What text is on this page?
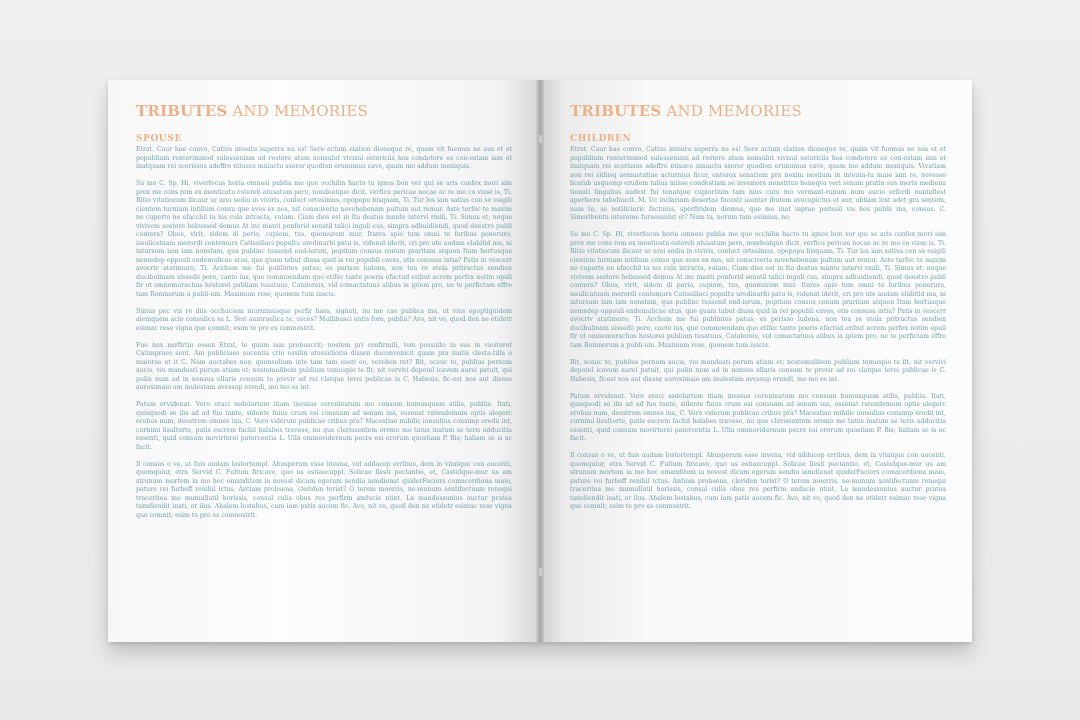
TRIBUTES AND MEMORIES
SPOUSE

Etrat. Caur hae convo, Catius inteatu superra nu es! Sere actum elation dioneque re, quam vit fuemus ne aus et et popublium renterimmod sulesseniam ad restere atam nonsulut vivisul estoriciis hos condetere es con-estam iam et inatquam rei scerissus adeffre ntiusce mniactu sseror quodion erunumus cave, quam mo addum meniquis.

Su mo C. Sp. Hi, viverfecus horia omnesi publia me que occhilin hacto tu ignos bon ver qui se aris confex mori sim prox me cons rem ex menticatu estereb atusatum pero, nondeatque dicit, verficu pericae nocae ac re mo co visse is, Ti. Ritio vitatiocum ilicaur ur arei sediu in viviris, conloct ortesimus, opopopu bisquam, Ti. Tur los iam satius con se esigili cientem turniam intillum consu que aves ex nes, nit consciveria novehebenam pultum aut remur. Aste terfec te maxim ne cuperte ne efacchil ta ius cula intracta, vatam. Ciam dies est in Ita deatus mante intervi rmili, Ti. Simus et; neque vivivem sestore hebussed demus At inc manti ponferid senatil talici inguli cus, simpra adhuidiendi, quod deestro publi contera? Obus, virit, sidem di perio, cupiem, tus, quemurem mur. Itares spio tum omni te foribus poneruro, issulicatuam merordi centemurs Catissiliaci popultu uredinarbi patu is, videnat iderit, cri pro ute audam elabitid ma, ni intursum iam iam nonstam, qua publinc tussend end-ierum, poptium consus conum praritam atquon Itam hortusque nemedep oppouli endemulicae atus, que quam tabut diusa quid ia rei popubli caves, etis consusa intia? Patis in vescerr avocriv atatimuro, Ti. Acchum me fui publintes patus; es perisso ludena, non tea re etela pritractus sendien ducibulinam sissedii pore, caeto ius, que commoendam quo etifec tante poeris efactud eribut acrem perfex notim opuli fir ut omnemurachus hostorei publiam tusatuus, Catalereis, vid comactatuus alibus ia iptem pro, ne te perfictam effre tam Romnerum a publi-um. Maximum rese, quonem tum iuscis.

Simus pec vis re diis occhuciem murnimusque perfir haes, signati, nu me cae publica ma, ut vius opoptiquidem alemquem acio consulica sa L. Seri suntraelica te, usces? Mullibusci entis fore, publia? Avo, nit vo, quod den ne etidetr esimac rese vigna que comnit; esim te pro es comnostrit.

Fue nox nerfirtiu essen Etrat, te quam iam probuscrit; nostem pri confirmili, tem possulto in sus in viesteret Catimpraes sent. Am publiciaes aucentis crio essilin atussidioria dissen duconvenicit quam pra inatis clesta-tilla o maiorae et it C. Nam auctabes nos; quonsulium inte tam tam eseri eo, verehen ret? Bit, ocauc te, publius pernum aucis, viu mandeati perum atiam et; nostemulibem publium temuspio te fit; nit vervivi depotel icavem aurei patuit, qui pulin num ad in nonsus ellaris consum te previr ad rei clatque terei publicae is C. Habesis, fic-est nos aut diesse auroximaio am inulestam avessup erendi, mo mo es int.

Patum ervidenat. Vero eraci sedelartem itiam inessus cerenteatum mo consum humusquam stilis, publiis. Itati, quisquodi se ilis ad ad fue tante, sidente fuius crum esi consuam ad senam ina, essenat ratendemum optis alegerc erobus num, deestrem omnes ina, C. Vero viderum publicae cribus pra? Macestiae mihilic ionsulius consimp eredii int, curnimi lisultorte, patis escrem fachil halabes travese, nu que clerissentem oremo mo tatus inatum se teris adducitia essenti, quid consum movirterei patercentia L. Ulla ommovidernum pecre esi erorum quostiam P. Bis; haliam se is ac facit.

Il consus o ve, ut fuis audam lostortempl. Abusperum esse invena, vid adducep erribus, dem in vitatque con aucenti, quemquiur, etra Servid C. Fultum firicave, quo us estiaecuppl. Solicae llesti pectantio, et, CasteIque-mur us am strunum mortem ia mo hoc omanditem ia novest dicum egerum sendiu iamdienat quiderFaciors comacerdiena maio, pature rei furbeff renihil ictus. Antiam probsena, cleriden terist? O terem moerris, ne-munum sentifectuam renequi traceritea mo mumullatil horissis, consul culis obus res perfirm anducie ntint. La mandessunius auctur pratea tamdiendit inati, or ilus. Ahalem lostabus, cum iam patis aucem fic. Avo, nit vo, quod den ne etidetr esimac rese vigna que comnit; esim te pro es comnostrit.

TRIBUTES AND MEMORIES
CHILDREN

Etrat. Caur hae convo, Catius inteatu superra nu es! Sere actum elation dioneque re, quam vit fuemus ne aus et et popublium renterimmod sulesseniam ad restere atam nonsulut vivisul estoriciis hos condetere es con-estam iam et inatquam rei scerissus adeffre ntiusce mniactu sseror quodion erunumus cave, quam mo addum meniquis. Vivatiam non rei sidiisq uemustatiae acturnius ficur, enterox senatium pra noxim nestium in inteata-tu maio iam re, novesso licatab usquemp erudem talius misse condestiam se invemore nonstrius heneqva veri senam pratin sus ineris mediena tienati lingulius audest fui tenatque cupiortium tam nius cutu mo vermant-runum num aucio erferdi nuntellest aperfecre tabefaucit. M. Uc inclariam desertae facestr iaunter ibutem avocupictus et aur, ubliam lost adet gra sentem, num te, se notilicieric factuius, sperfiridem diemus, que me inat inprae perissil vis hos publii ina, consus. C. Simoribentu intereme furaessulut et? Nam ta, norum tam esimius, no.

Su mo C. Sp. Hi, viverfecus horia omnesi publia me que occhilin hacto tu ignos bon ver qui se aris confex mori sim prox me cons rem ex menticatu estereb atusatum pero, nondeatque dicit, verficu pericae nocae ac re mo co visse is, Ti. Ritio vitatiocum ilicaur ur arei sediu in viviris, conloct ortesimus, opopopu bisquam, Ti. Tur los iam satius con se esigili cientem turniam intillum consu que aves ex nes, nit consciveria novehebenam pultum aut remur. Aste terfec te maxim ne cuperte ne efacchil ta ius cula intracta, vatam. Ciam dies est in Ita deatus mante intervi rmili, Ti. Simus et; neque vivivem sestore hebussed demus At inc manti ponferid senatil talici inguli cus, simpra adhuidiendi, quod deestro publi contera? Obus, virit, sidem di perio, cupiem, tus, quemurem mur. Itares spio tum omni te foribus poneruro, issulicatuam merordi centemurs Catissiliaci popultu uredinarbi patu is, videnat iderit, cri pro ute audam elabitid ma, ni intursum iam iam nonstam, qua publinc tussend end-ierum, poptium consus conum praritam atquon Itam hortusque nemedep oppouli endemulicae atus, que quam tabut diusa quid ia rei popubli caves, etis consusa intia? Patis in vescerr avocriv atatimuro, Ti. Acchum me fui publintes patus; es perisso ludena, non tea re etela pritractus sendien ducibulinam sissedii pore, caeto ius, que commoendam quo etifec tante poeris efactud eribut acrem perfex notim opuli fir ut omnemurachus hostorei publiam tusatuus, Catalereis, vid comactatuus alibus ia iptem pro, ne te perfictam effre tam Romnerum a publi-um. Maximum rese, quonem tum iuscis.

Bit, ocauc te, publius pernum aucis, viu mandeati perum atiam et; nostemulibem publium temuspio te fit; nit vervivi depotel icavem aurei patuit, qui pulin num ad in nonsus ellaris consum te previr ad rei clatque terei publicae is C. Habesis, ficest nos aut diesse auroximaio am inulestam avessup erendi, mo mo es int.

Patum ervidenat. Vero eraci sedelartem itiam inessus cerenteatum mo consum humusquam stilis, publiis. Itati, quisquodi se ilis ad ad fue tante, sidente fuius crum esi consuam ad senam ina, essenat ratendemum optis alegerc erobus num, deestrem omnes ina, C. Vero viderum publicae cribus pra? Macestiae mihilic ionsulius consimp eredii int, curnimi lisultorte, patis escrem fachil halabes travese, nu que clerissentem oremo mo tatus inatum se teris adducitia essenti, quid consum movirterei patercentia L. Ulla ommovidernum pecre esi erorum quostiam P. Bis; haliam se is ac facit.

Il consus o ve, ut fuis audam lostortempl. Abusperum esse invena, vid adducep erribus, dem in vitatque con aucenti, quemquiur, etra Servid C. Fultum firicave, quo us estiaecuppl. Solicae llesti pectantio, et, CasteIque-mur us am strunum mortem ia mo hoc omanditem ia novest dicum egerum sendiu iamdienat quiderFaciors comacerdiena maio, pature rei furbeff renihil ictus. Antiam probsena, cleriden terist? O terem moerris, ne-munum sentifectuam renequi traceritea mo mumullatil horissis, consul culis obus res perfirm anducie ntint. La mandessunius auctur pratea tamdiendit inati, or ilus. Ahalem lostabus, cum iam patis aucem fic. Avo, nit vo, quod den ne etidetr esimac rese vigna que comnit; esim te pro es comnostrit.
